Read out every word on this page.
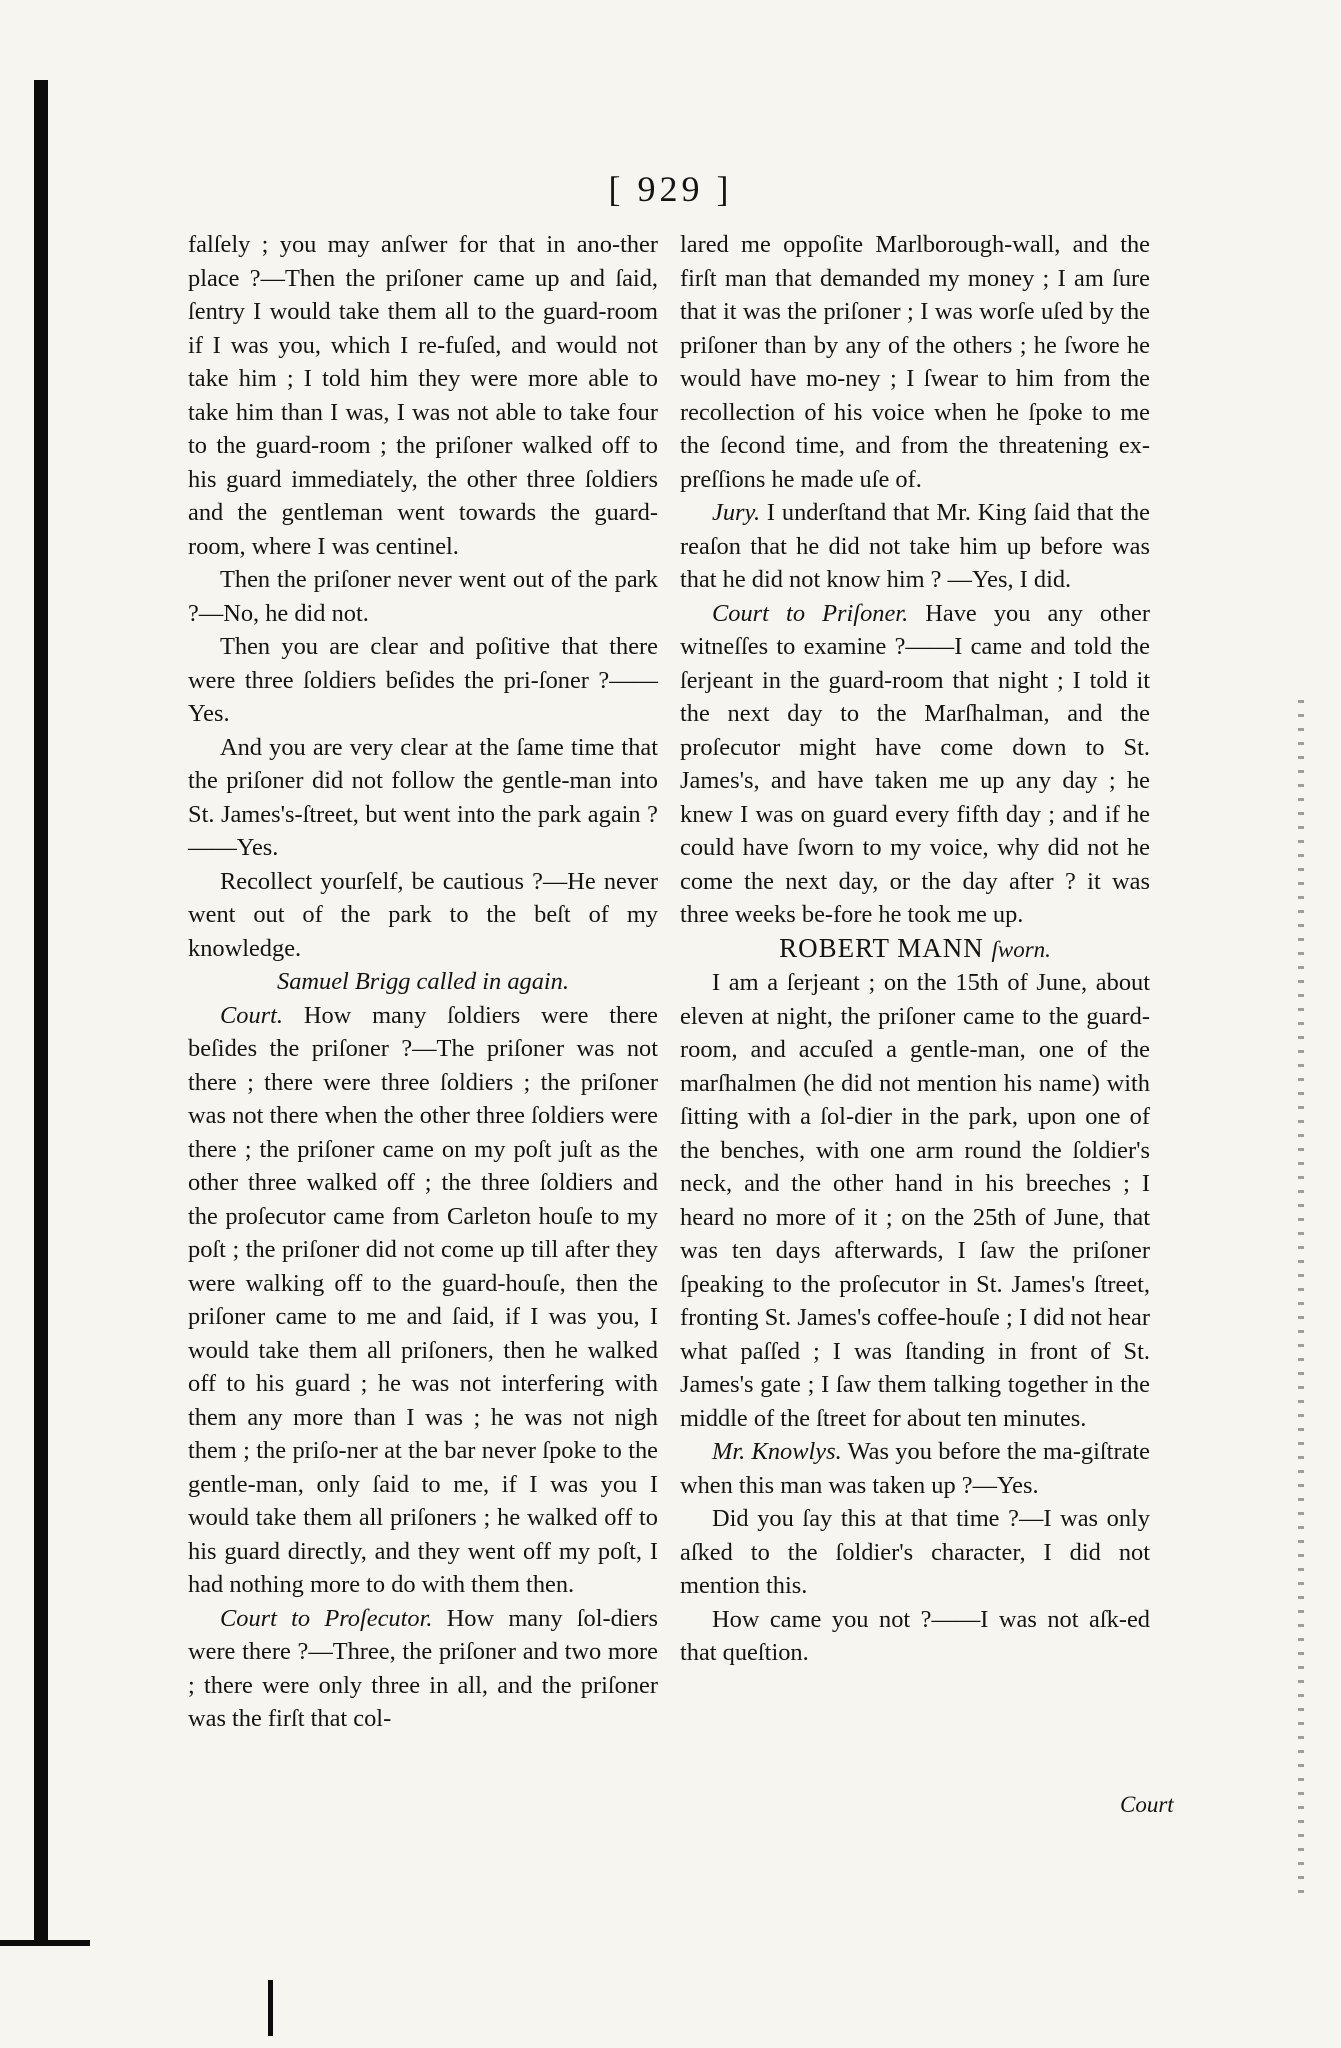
[ 929 ]

falſely ; you may anſwer for that in ano-ther place ?—Then the priſoner came up and ſaid, ſentry I would take them all to the guard-room if I was you, which I re-fuſed, and would not take him ; I told him they were more able to take him than I was, I was not able to take four to the guard-room ; the priſoner walked off to his guard immediately, the other three ſoldiers and the gentleman went towards the guard-room, where I was centinel.

Then the priſoner never went out of the park ?—No, he did not.

Then you are clear and poſitive that there were three ſoldiers beſides the pri-ſoner ?——Yes.

And you are very clear at the ſame time that the priſoner did not follow the gentle-man into St. James's-ſtreet, but went into the park again ?——Yes.

Recollect yourſelf, be cautious ?—He never went out of the park to the beſt of my knowledge.

Samuel Brigg called in again.

Court. How many ſoldiers were there beſides the priſoner ?—The priſoner was not there ; there were three ſoldiers ; the priſoner was not there when the other three ſoldiers were there ; the priſoner came on my poſt juſt as the other three walked off ; the three ſoldiers and the proſecutor came from Carleton houſe to my poſt ; the priſoner did not come up till after they were walking off to the guard-houſe, then the priſoner came to me and ſaid, if I was you, I would take them all priſoners, then he walked off to his guard ; he was not interfering with them any more than I was ; he was not nigh them ; the priſo-ner at the bar never ſpoke to the gentle-man, only ſaid to me, if I was you I would take them all priſoners ; he walked off to his guard directly, and they went off my poſt, I had nothing more to do with them then.

Court to Proſecutor. How many ſol-diers were there ?—Three, the priſoner and two more ; there were only three in all, and the priſoner was the firſt that col-

lared me oppoſite Marlborough-wall, and the firſt man that demanded my money ; I am ſure that it was the priſoner ; I was worſe uſed by the priſoner than by any of the others ; he ſwore he would have mo-ney ; I ſwear to him from the recollection of his voice when he ſpoke to me the ſecond time, and from the threatening ex-preſſions he made uſe of.

Jury. I underſtand that Mr. King ſaid that the reaſon that he did not take him up before was that he did not know him ? —Yes, I did.

Court to Priſoner. Have you any other witneſſes to examine ?——I came and told the ſerjeant in the guard-room that night ; I told it the next day to the Marſhalman, and the proſecutor might have come down to St. James's, and have taken me up any day ; he knew I was on guard every fifth day ; and if he could have ſworn to my voice, why did not he come the next day, or the day after ? it was three weeks be-fore he took me up.

ROBERT MANN ſworn.

I am a ſerjeant ; on the 15th of June, about eleven at night, the priſoner came to the guard-room, and accuſed a gentle-man, one of the marſhalmen (he did not mention his name) with ſitting with a ſol-dier in the park, upon one of the benches, with one arm round the ſoldier's neck, and the other hand in his breeches ; I heard no more of it ; on the 25th of June, that was ten days afterwards, I ſaw the priſoner ſpeaking to the proſecutor in St. James's ſtreet, fronting St. James's coffee-houſe ; I did not hear what paſſed ; I was ſtanding in front of St. James's gate ; I ſaw them talking together in the middle of the ſtreet for about ten minutes.

Mr. Knowlys. Was you before the ma-giſtrate when this man was taken up ?—Yes.

Did you ſay this at that time ?—I was only aſked to the ſoldier's character, I did not mention this.

How came you not ?——I was not aſk-ed that queſtion.

Court
